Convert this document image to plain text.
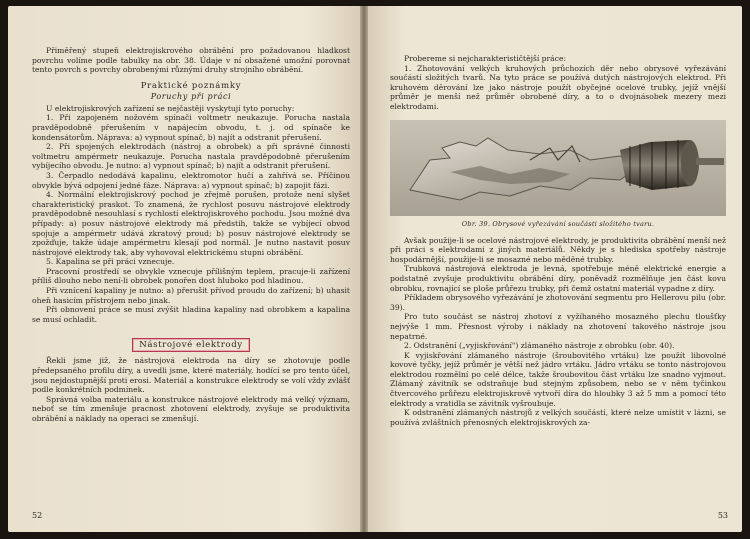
Přiměřený stupeň elektrojiskrového obrábění pro požadovanou hladkost povrchu volíme podle tabulky na obr. 38. Údaje v ní obsažené umožní porovnat tento povrch s povrchy obrobenými různými druhy strojního obrábění.

Praktické poznámky
Poruchy při práci

U elektrojiskrových zařízení se nejčastěji vyskytují tyto poruchy:

1. Při zapojeném nožovém spínači voltmetr neukazuje. Porucha nastala pravděpodobně přerušením v napájecím obvodu, t. j. od spínače ke kondensátorům. Náprava: a) vypnout spínač, b) najít a odstranit přerušení.

2. Při spojených elektrodách (nástroj a obrobek) a při správné činnosti voltmetru ampérmetr neukazuje. Porucha nastala pravděpodobně přerušením vybíjecího obvodu. Je nutno: a) vypnout spínač; b) najít a odstranit přerušení.

3. Čerpadlo nedodává kapalinu, elektromotor hučí a zahřívá se. Příčinou obvykle bývá odpojení jedné fáze. Náprava: a) vypnout spínač; b) zapojit fázi.

4. Normální elektrojiskrový pochod je zřejmě porušen, protože není slyšet charakteristický praskot. To znamená, že rychlost posuvu nástrojové elektrody pravděpodobně nesouhlasí s rychlostí elektrojiskrového pochodu. Jsou možné dva případy: a) posuv nástrojové elektrody má předstih, takže se vybíjecí obvod spojuje a ampérmetr udává zkratový proud; b) posuv nástrojové elektrody se zpožďuje, takže údaje ampérmetru klesají pod normál. Je nutno nastavit posuv nástrojové elektrody tak, aby vyhovoval elektrickému stupni obrábění.

5. Kapalina se při práci vznecuje.

Pracovní prostředí se obvykle vznecuje přílišným teplem, pracuje-li zařízení příliš dlouho nebo není-li obrobek ponořen dost hluboko pod hladinou.

Při vznícení kapaliny je nutno: a) přerušit přívod proudu do zařízení; b) uhasit oheň hasicím přístrojem nebo jinak.

Při obnovení práce se musí zvýšit hladina kapaliny nad obrobkem a kapalina se musí ochladit.

Nástrojové elektrody

Řekli jsme již, že nástrojová elektroda na díry se zhotovuje podle předepsaného profilu díry, a uvedli jsme, které materiály, hodící se pro tento účel, jsou nejdostupnější proti erosi. Materiál a konstrukce elektrody se volí vždy zvlášť podle konkrétních podmínek.

Správná volba materiálu a konstrukce nástrojové elektrody má velký význam, neboť se tím zmenšuje pracnost zhotovení elektrody, zvyšuje se produktivita obrábění a náklady na operaci se zmenšují.

52

Probereme si nejcharakterističtější práce:

1. Zhotovování velkých kruhových průchozích děr nebo obrysové vyřezávání součástí složitých tvarů. Na tyto práce se používá dutých nástrojových elektrod. Při kruhovém děrování lze jako nástroje použít obyčejné ocelové trubky, jejíž vnější průměr je menší než průměr obrobené díry, a to o dvojnásobek mezery mezi elektrodami.

Obr. 39. Obrysové vyřezávání součásti složitého tvaru.

Avšak použije-li se ocelové nástrojové elektrody, je produktivita obrábění menší než při práci s elektrodami z jiných materiálů. Někdy je s hlediska spotřeby nástroje hospodárnější, použije-li se mosazné nebo měděné trubky.

Trubková nástrojová elektroda je levná, spotřebuje méně elektrické energie a podstatně zvyšuje produktivitu obrábění díry, poněvadž rozmělňuje jen část kovu obrobku, rovnající se ploše průřezu trubky, při čemž ostatní materiál vypadne z díry.

Příkladem obrysového vyřezávání je zhotovování segmentu pro Hellerovu pilu (obr. 39).

Pro tuto součást se nástroj zhotoví z vyžíhaného mosazného plechu tloušťky nejvýše 1 mm. Přesnost výroby i náklady na zhotovení takového nástroje jsou nepatrné.

2. Odstranění („vyjiskřování") zlámaného nástroje z obrobku (obr. 40).

K vyjiskřování zlámaného nástroje (šroubovitého vrtáku) lze použít libovolné kovové tyčky, jejíž průměr je větší než jádro vrtáku. Jádro vrtáku se tonto nástrojovou elektrodou rozmělní po celé délce, takže šroubovitou část vrtáku lze snadno vyjmout. Zlámaný závitník se odstraňuje bud stejným způsobem, nebo se v něm tyčinkou čtvercového průřezu elektrojiskrově vytvoří díra do hloubky 3 až 5 mm a pomocí této elektrody a vratidla se závitník vyšroubuje.

K odstranění zlámaných nástrojů z velkých součástí, které nelze umístit v lázni, se používá zvláštních přenosných elektrojiskrových za-

53
